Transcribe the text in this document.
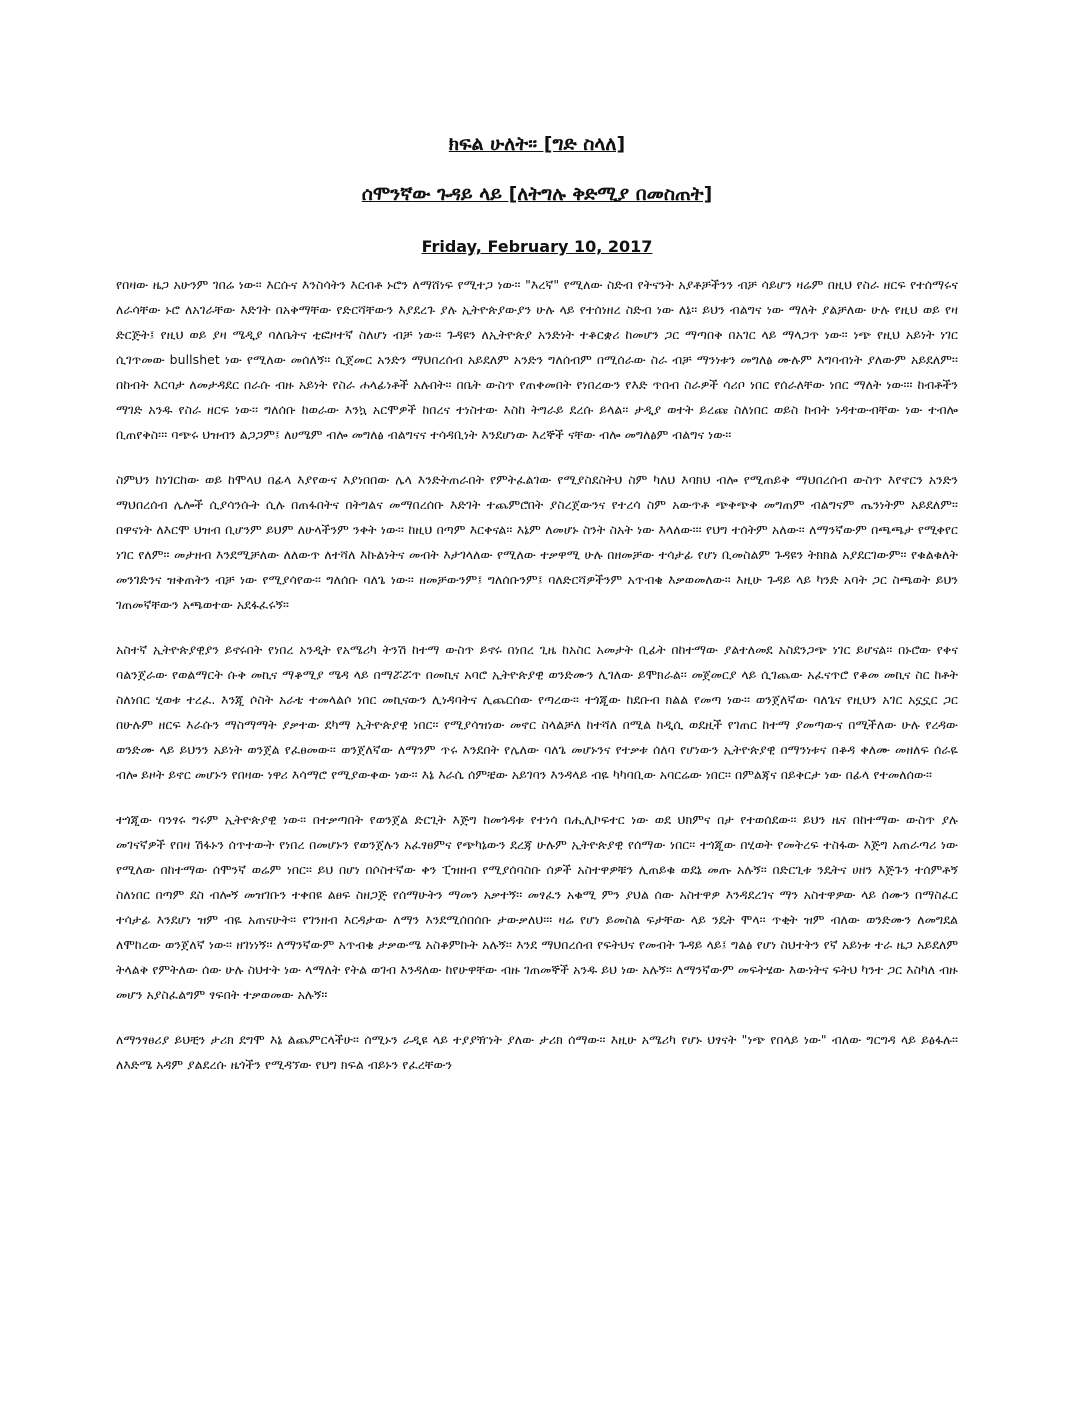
ክፍል ሁለት፡፡ [ግድ ስላለ]
ሰሞንኛው ጉዳይ ላይ [ለትግሉ ቅድሚያ በመስጠት]
Friday, February 10, 2017

የበዛው ዜጋ አሁንም ገበሬ ነው፡፡ እርሱና እንስሳትን እርብቶ ኑሮን ለማሸነፍ የሚተጋ ነው፡፡ "እረኛ" የሚለው ስድብ የትናንት አያቶቻችንን ብቻ ሳይሆን ዛሬም በዚህ የስራ ዘርፍ የተሰማሩና ለራሳቸው ኑሮ ለአገራቸው እድገት በአቅማቸው የድርሻቸውን እያደረጉ ያሉ ኢትዮጵያውያን ሁሉ ላይ የተሰነዘረ ስድብ ነው ለኔ፡፡ ይህን ብልግና ነው ማለት ያልቻለው ሁሉ የዚህ ወይ የዛ ድርጅት፤ የዚህ ወይ ያዛ ሜዲያ ባለቤትና ቲፎዞተኛ ስለሆነ ብቻ ነው፡፡ ጉዳዩን ለኢትዮጵያ አንድነት ተቆርቋሪ ከመሆን ጋር ማጣበቅ በአገር ላይ ማላጋጥ ነው፡፡ ነጭ የዚህ አይነት ነገር ሲገጥመው bullshet ነው የሚለው መሰለኝ፡፡ ሲጀመር አንድን ማህበረሰብ አይደለም አንድን ግለሰብም በሚሰራው ስራ ብቻ ማንነቱን መግለፅ ሙሉም እግባብነት ያለውም አይደለም፡፡ በከብት እርባታ ለመታዳደር በራሱ ብዙ አይነት የስራ ሐላፊነቶች አሉበት፡፡ በቤት ውስጥ የጠቀመበት የነበረውን የእድ ጥበብ ስራዎች ሳሪቦ ነበር የሰራለቸው ነበር ማለት ነው፡፡፡ ከብቶችን ማገድ አንዱ የስራ ዘርፍ ነው፡፡ ግለሰቡ ከወራው እንኳ አርሞዎች ከበረና ተነስተው እስከ ትግራይ ደረሱ ይላል፡፡ ታዲያ ወተት ይረጩ ስለነበር ወይስ ከብት ነዳተውብቸው ነው ተብሎ ቢጠየቅስ፡፡፡ ባጭሩ ህዝብን ልጋጋም፤ ለሀሜም ብሎ መግለፅ ብልግናና ተሳዳቢነት እንደሆነው እረኞች ናቸው ብሎ መግለፅም ብልግና ነው፡፡

ስምህን ከነገርከው ወይ ከሞላህ በፊላ እያየውና እያነበበው ሌላ እንድትጠራበት የምትፈልገው የሚያስደስትህ ስም ካለህ እባክህ ብሎ የሚጠይቅ ማህበረሰብ ውስጥ እየኖርን አንድን ማህበረሰብ ሌሎች ሲያሳንሱት ሲሉ በጠፋበትና በትግልና መማበረሰቡ እድገት ተጨምሮበት ያስረጀውንና የተረሳ ስም አውጥቶ ጭቅጭቅ መግጠም ብልግናም ጤንነትም አይደለም፡፡ በዋናነት ለእርሞ ህዝብ ቢሆንም ይህም ለሁላችንም ንቀት ነው፡፡ ከዚህ በጣም እርቀናል፡፡ እኔም ለመሆኑ ስንት ስአት ነው እላለው፡፡፡ የህግ ተሰትም አለው፡፡ ለማንኛውም በጫጫታ የሚቀየር ነገር የለም፡፡ መታዘብ እንደሚቻለው ለለውጥ ለተሻለ እኩልነትና መብት እታገላለው የሚለው ተቃዋሚ ሁሉ በዘመቻው ተሳታፊ የሆነ ቢመስልም ጉዳዩን ትክክል አያደርገውም፡፡ የቁልቁለት መንገድንና ዝቅጠትን ብቻ ነው የሚያሳየው፡፡ ግለሰቡ ባለጌ ነው፡፡ ዘመቻውንም፤ ግለሰቡንም፤ ባለድርሻዎችንም አጥብቄ እቃወመለው፡፡ እዚሁ ጉዳይ ላይ ካንድ አባት ጋር ስጫወት ይህን ገጠመኛቸውን አጫወተው አደፋፈሩኝ፡፡

አስተኛ ኢትዮጵያዊያን ይኖሩበት የነበረ አንዲት የአሜሪካ ትንሽ ከተማ ውስጥ ይኖሩ በነበረ ጊዜ ከአስር አመታት ቢፊት በከተማው ያልተለመደ አስደንጋጭ ነገር ይሆናል፡፡ በኑሮው የቀና ባልንጀራው የወልማርት ሱቅ መኪና ማቆሚያ ሜዳ ላይ በማሯሯጥ በመኪና አባሮ ኢትዮጵያዊ ወንድሙን ሊገለው ይሞክራል፡፡ መጀመርያ ላይ ሲገጨው አፈናጥሮ የቆመ መኪና ስር ከቶት ስለነበር ሂወቱ ተረፈ. እንጂ ሶስት አራቴ ተመላልሶ ነበር መኪናውን ሊነዳባትና ሊጨርሰው የጣረው፡፡ ተጎጂው ከደቡብ ክልል የመጣ ነው፡፡ ወንጀለኛው ባለጌና የዚህን አገር አኗኗር ጋር በሁሉም ዘርፍ እራሱን ማስማማት ያቃተው ደካማ ኢትዮጵያዊ ነበር፡፡ የሚያሳዝነው መኖር ስላልቻለ ከተሻለ በሚል ከዲሲ ወደዚች የገጠር ከተማ ያመጣውና በሚችለው ሁሉ የረዳው ወንድሙ ላይ ይህንን አይነት ወንጀል የፈፀመው፡፡ ወንጀለኛው ለማንም ጥሩ እንደበት የሌለው ባለጌ መሆኑንና የተቃቱ ሰለባ የሆነውን ኢትዮጵያዊ በማንነቱና በቆዳ ቀለሙ መዘለፍ ሰራዬ ብሎ ይዞት ይኖር መሆኑን የበዛው ነዋሪ እሳማሮ የሚያውቀው ነው፡፡ እኔ እራሴ ሰምቼው አይገባን እንዳላይ ብዬ ካካባቢው አባርሬው ነበር፡፡ በምልጃና በይቅርታ ነው በፊላ የተመለሰው፡፡

ተጎጂው ባንፃሩ ግሩም ኢትዮጵያዊ ነው፡፡ በተቃጣበት የወንጀል ድርጊት እጅግ ከመጎዳቱ የተነሳ በሒሊኮፍተር ነው ወደ ህክምና በታ የተወሰደው፡፡ ይህን ዜና በከተማው ውስጥ ያሉ መገናኛዎች የበዛ ሽፋኑን ሰጥተውት የነበረ በመሆኑን የወንጀሉን አፈፃፀምና የጭካኔውን ደረጃ ሁሉም ኢትዮጵያዊ የሰማው ነበር፡፡ ተጎጂው በሂወት የመትረፍ ተስፋው እጅግ አጠራጣሪ ነው የሚለው በከተማው ሰሞንኛ ወሬም ነበር፡፡ ይህ በሆነ በሶስተኛው ቀን ፒዝዘብ የሚያሰባስቡ ሰዎች አስተዋዎቹን ሊጠይቁ ወደኔ መጡ አሉኝ፡፡ በድርጊቱ ንዴትና ሀዘን እጅጉን ተሰምቶኝ ስለነበር በጣም ደስ ብሎኝ መዝገቡን ተቀበዩ ልፀፍ ስዘጋጅ የሰማሁትን ማመን አቃተኝ፡፡ መፃፈን አቁሚ ምን ያህል ሰው አስተዋዎ እንዳደረገና ማን አስተዋዎው ላይ ሰሙን በማስፈር ተሳታፊ እንደሆነ ዝም ብዬ አጠናሁት፡፡ የገንዘብ እርዳታው ለማን እንደሚሰበሰቡ ታውቃለህ፡፡፡ ዛሬ የሆነ ይመስል ፍታቸው ላይ ንዴት ሞላ፡፡ ጥቂት ዝም ብለው ወንድሙን ለመግደል ለሞከረው ወንጀለኛ ነው፡፡ ዘገነነኝ፡፡ ለማንኛውም አጥብቄ ታቃውሜ አስቆምኩት አሉኝ፡፡ እንደ ማህበረሰብ የፍትህና የመብት ጉዳይ ላይ፤ ግልፅ የሆነ ስህተትን የኛ አይነቱ ተራ ዜጋ አይደለም ትላልቅ የምትለው ሰው ሁሉ ስህተት ነው ላማለት የትል ወገብ እንዳለው ከየሁዋቸው ብዙ ገጠመኞች አንዱ ይህ ነው አሉኝ፡፡ ለማንኛውም መፍትሄው እውነትና ፍትህ ካንተ ጋር እስካለ ብዙ መሆን አያስፈልግም ፃፍበት ተቃወመው አሉኝ፡፡

ለማንፃፀሪያ ይህቺን ታሪክ ደግሞ እኔ ልጨምርላችሁ፡፡ ሰሚኑን ራዲዩ ላይ ተያያዥነት ያለው ታሪክ ሰማው፡፡ እዚሁ አሜሪካ የሆኑ ህፃናት "ነጭ የበላይ ነው" ብለው ግርግዳ ላይ ይፅፋሉ፡፡ ለእድሜ አዳም ያልደረሱ ዜጎችን የሚዳኘው የህግ ክፍል ብይኑን የፈረቸውን
